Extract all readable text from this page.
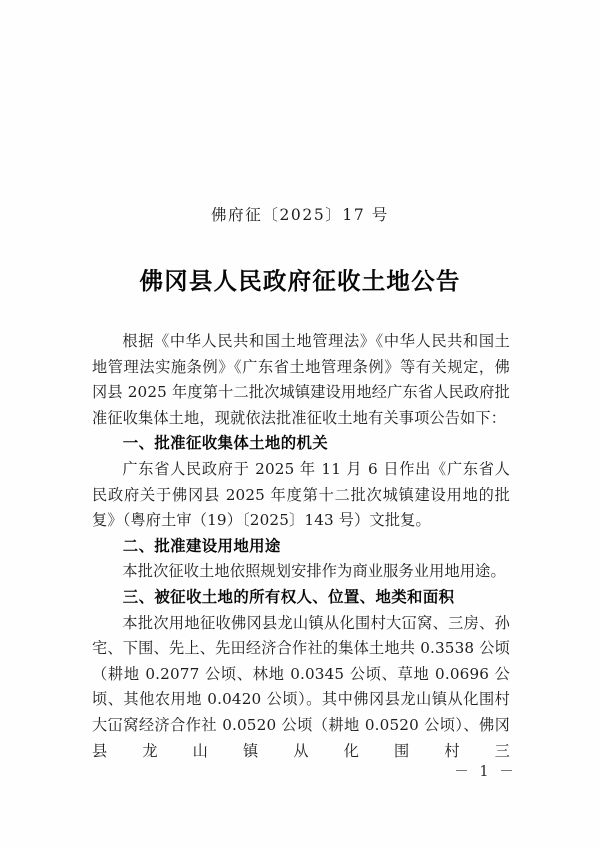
佛府征〔2025〕17 号
佛冈县人民政府征收土地公告

根据《中华人民共和国土地管理法》《中华人民共和国土地管理法实施条例》《广东省土地管理条例》等有关规定，佛冈县 2025 年度第十二批次城镇建设用地经广东省人民政府批准征收集体土地，现就依法批准征收土地有关事项公告如下：

一、批准征收集体土地的机关

广东省人民政府于 2025 年 11 月 6 日作出《广东省人民政府关于佛冈县 2025 年度第十二批次城镇建设用地的批复》（粤府土审（19）〔2025〕143 号）文批复。

二、批准建设用地用途

本批次征收土地依照规划安排作为商业服务业用地用途。

三、被征收土地的所有权人、位置、地类和面积

本批次用地征收佛冈县龙山镇从化围村大冚窝、三房、孙宅、下围、先上、先田经济合作社的集体土地共 0.3538 公顷（耕地 0.2077 公顷、林地 0.0345 公顷、草地 0.0696 公顷、其他农用地 0.0420 公顷）。其中佛冈县龙山镇从化围村大冚窝经济合作社 0.0520 公顷（耕地 0.0520 公顷）、佛冈县龙山镇从化围村三

－ 1 －
